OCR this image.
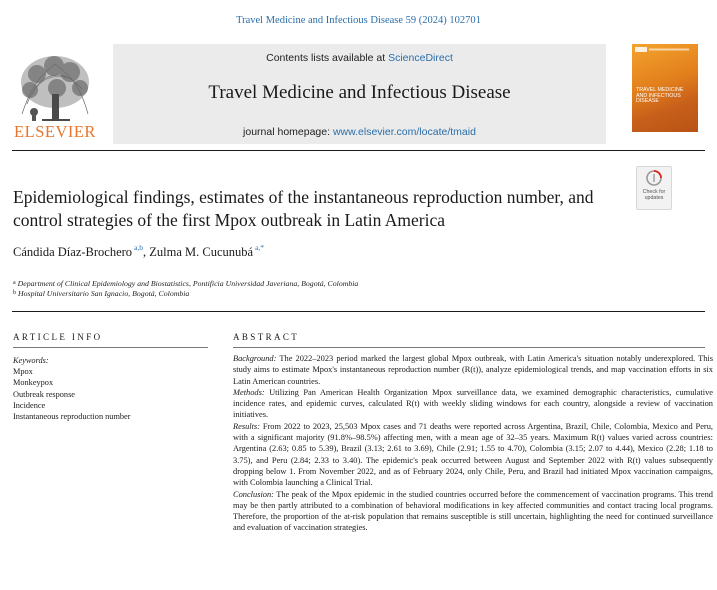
Travel Medicine and Infectious Disease 59 (2024) 102701
ELSEVIER
Contents lists available at ScienceDirect
Travel Medicine and Infectious Disease
journal homepage: www.elsevier.com/locate/tmaid
TRAVEL MEDICINE AND INFECTIOUS DISEASE
Epidemiological findings, estimates of the instantaneous reproduction number, and control strategies of the first Mpox outbreak in Latin America
Check for updates
Cándida Díaz-Brochero $^{a,b}$, Zulma M. Cucunubá $^{a,*}$
$^a$ Department of Clinical Epidemiology and Biostatistics, Pontificia Universidad Javeriana, Bogotá, Colombia
$^b$ Hospital Universitario San Ignacio, Bogotá, Colombia
ARTICLE INFO
Keywords:
Mpox
Monkeypox
Outbreak response
Incidence
Instantaneous reproduction number
ABSTRACT

Background: The 2022–2023 period marked the largest global Mpox outbreak, with Latin America's situation notably underexplored. This study aims to estimate Mpox's instantaneous reproduction number (R(t)), analyze epidemiological trends, and map vaccination efforts in six Latin American countries.

Methods: Utilizing Pan American Health Organization Mpox surveillance data, we examined demographic characteristics, cumulative incidence rates, and epidemic curves, calculated R(t) with weekly sliding windows for each country, alongside a review of vaccination initiatives.

Results: From 2022 to 2023, 25,503 Mpox cases and 71 deaths were reported across Argentina, Brazil, Chile, Colombia, Mexico and Peru, with a significant majority (91.8%–98.5%) affecting men, with a mean age of 32–35 years. Maximum R(t) values varied across countries: Argentina (2.63; 0.85 to 5.39), Brazil (3.13; 2.61 to 3.69), Chile (2.91; 1.55 to 4.70), Colombia (3.15; 2.07 to 4.44), Mexico (2.28; 1.18 to 3.75), and Peru (2.84; 2.33 to 3.40). The epidemic's peak occurred between August and September 2022 with R(t) values subsequently dropping below 1. From November 2022, and as of February 2024, only Chile, Peru, and Brazil had initiated Mpox vaccination campaigns, with Colombia launching a Clinical Trial.

Conclusion: The peak of the Mpox epidemic in the studied countries occurred before the commencement of vaccination programs. This trend may be then partly attributed to a combination of behavioral modifications in key affected communities and contact tracing local programs. Therefore, the proportion of the at-risk population that remains susceptible is still uncertain, highlighting the need for continued surveillance and evaluation of vaccination strategies.
